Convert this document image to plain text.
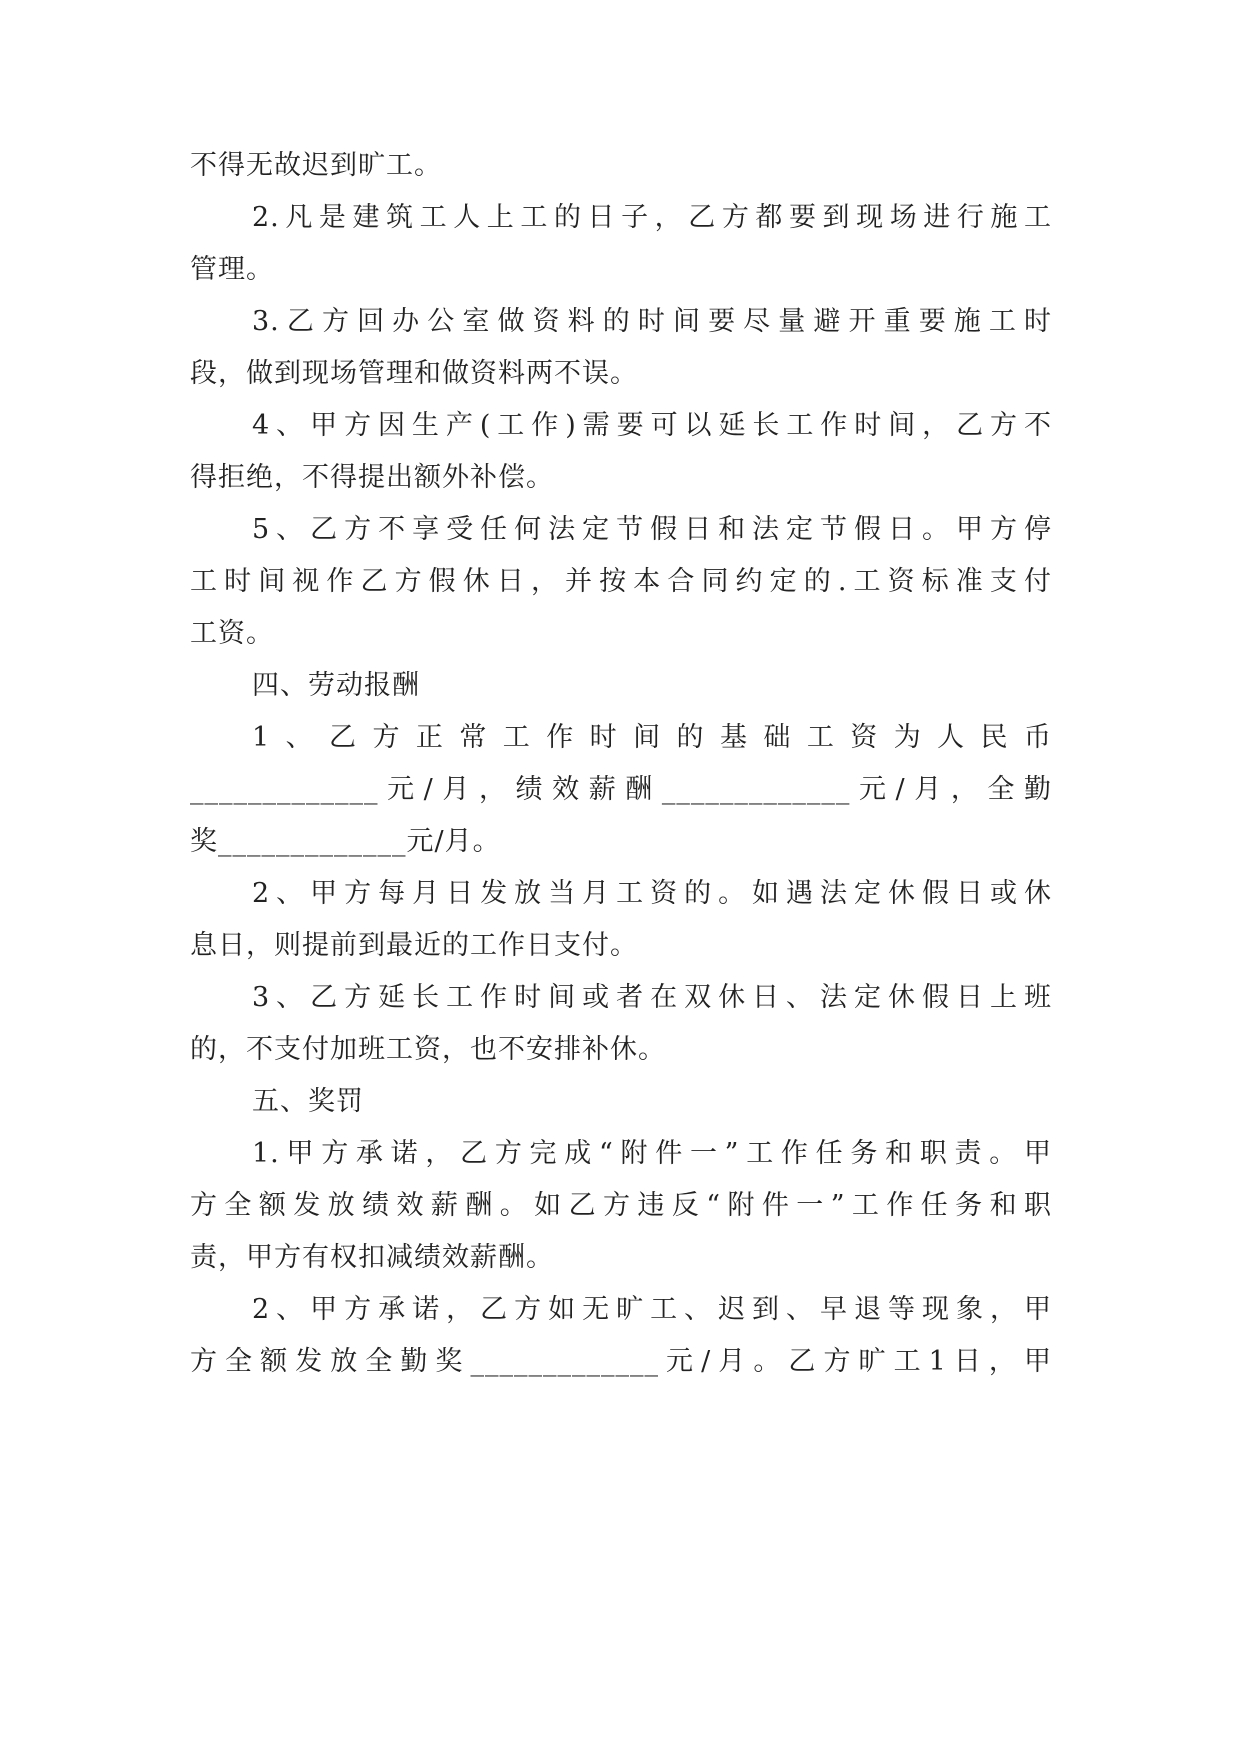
不得无故迟到旷工。
2.凡是建筑工人上工的日子，乙方都要到现场进行施工
管理。
3.乙方回办公室做资料的时间要尽量避开重要施工时
段，做到现场管理和做资料两不误。
4、甲方因生产(工作)需要可以延长工作时间，乙方不
得拒绝，不得提出额外补偿。
5、乙方不享受任何法定节假日和法定节假日。甲方停
工时间视作乙方假休日，并按本合同约定的.工资标准支付
工资。
四、劳动报酬
1、乙方正常工作时间的基础工资为人民币
_____________元/月，绩效薪酬_____________元/月，全勤
奖_____________元/月。
2、甲方每月日发放当月工资的。如遇法定休假日或休
息日，则提前到最近的工作日支付。
3、乙方延长工作时间或者在双休日、法定休假日上班
的，不支付加班工资，也不安排补休。
五、奖罚
1.甲方承诺，乙方完成“附件一”工作任务和职责。甲
方全额发放绩效薪酬。如乙方违反“附件一”工作任务和职
责，甲方有权扣减绩效薪酬。
2、甲方承诺，乙方如无旷工、迟到、早退等现象，甲
方全额发放全勤奖_____________元/月。乙方旷工1日，甲
